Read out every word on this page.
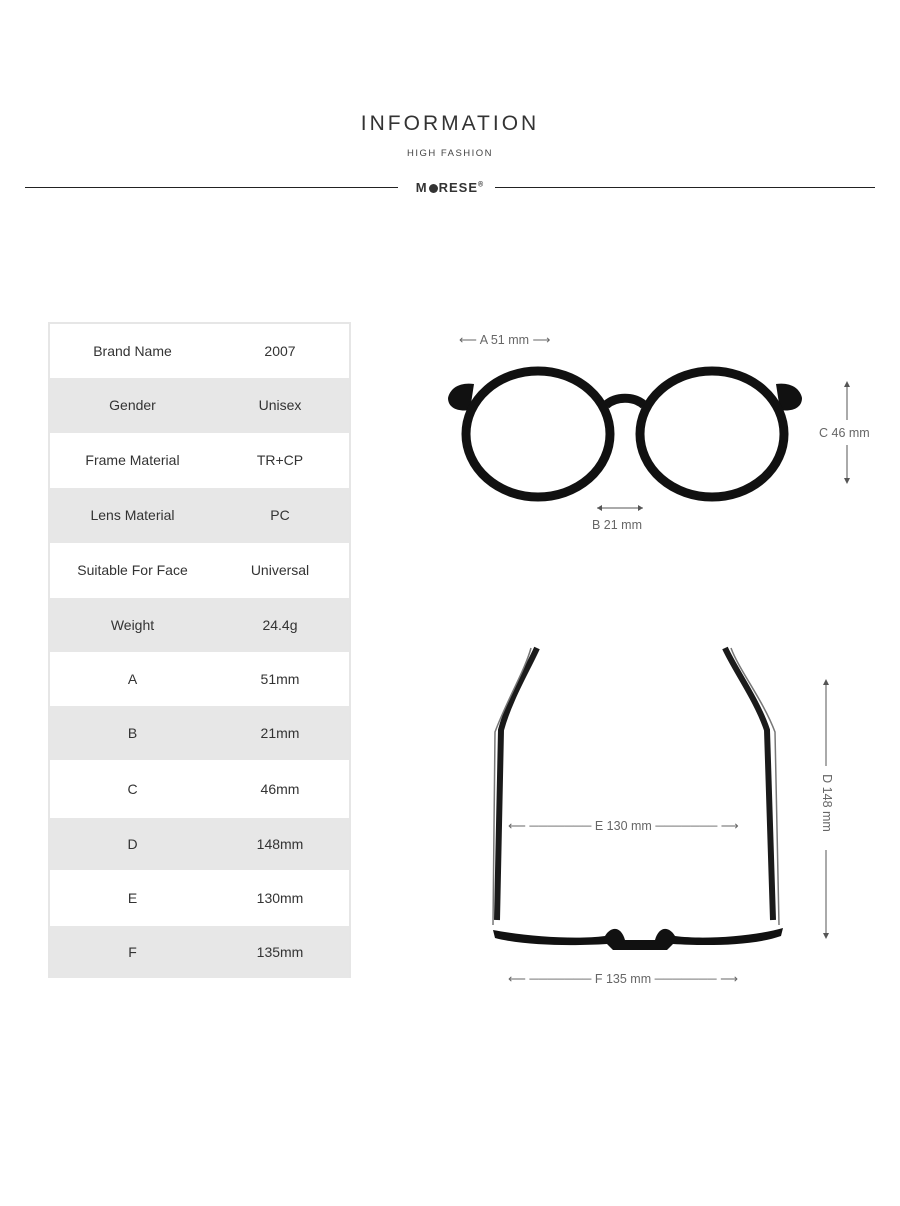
INFORMATION
HIGH FASHION
M RESE®
Brand Name	2007
Gender	Unisex
Frame Material	TR+CP
Lens Material	PC
Suitable For Face	Universal
Weight	24.4g
A	51mm
B	21mm
C	46mm
D	148mm
E	130mm
F	135mm
⟵ A 51 mm ⟶
B 21 mm
C 46 mm
⟵ ─────── E 130 mm ─────── ⟶
⟵ ─────── F 135 mm ─────── ⟶
D 148 mm
